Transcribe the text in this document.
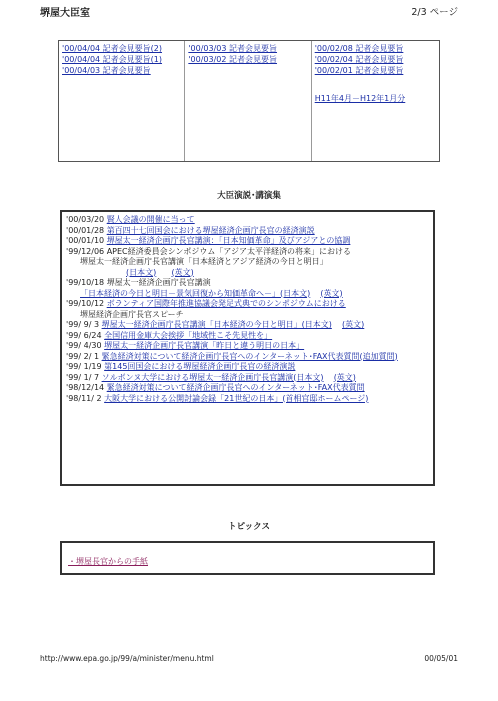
堺屋大臣室	2/3 ページ
'00/04/04 記者会見要旨(2)
'00/04/04 記者会見要旨(1)
'00/04/03 記者会見要旨
'00/03/03 記者会見要旨
'00/03/02 記者会見要旨
'00/02/08 記者会見要旨
'00/02/04 記者会見要旨
'00/02/01 記者会見要旨
H11年4月－H12年1月分
大臣演説･講演集
'00/03/20 賢人会議の開催に当って
'00/01/28 第百四十七回国会における堺屋経済企画庁長官の経済演説
'00/01/10 堺屋太一経済企画庁長官講演：「日本知価革命」及びアジアとの協調
'99/12/06 APEC経済委員会シンポジウム「アジア太平洋経済の将来」における
堺屋太一経済企画庁長官講演「日本経済とアジア経済の今日と明日」
(日本文) (英文)
'99/10/18 堺屋太一経済企画庁長官講演
「日本経済の今日と明日－景気回復から知価革命へ－」(日本文) (英文)
'99/10/12 ボランティア国際年推進協議会発足式典でのシンポジウムにおける
堺屋経済企画庁長官スピーチ
'99/ 9/ 3 堺屋太一経済企画庁長官講演「日本経済の今日と明日」(日本文) (英文)
'99/ 6/24 全国信用金庫大会挨拶「地域性こそ先見性を」
'99/ 4/30 堺屋太一経済企画庁長官講演「昨日と違う明日の日本」
'99/ 2/ 1 緊急経済対策について経済企画庁長官へのインターネット･FAX代表質問(追加質問)
'99/ 1/19 第145回国会における堺屋経済企画庁長官の経済演説
'99/ 1/ 7 ソルボンヌ大学における堺屋太一経済企画庁長官講演(日本文) (英文)
'98/12/14 緊急経済対策について経済企画庁長官へのインターネット･FAX代表質問
'98/11/ 2 大阪大学における公開討論会録「21世紀の日本」(首相官邸ホームページ)
トピックス
・堺屋長官からの手紙
http://www.epa.go.jp/99/a/minister/menu.html	00/05/01
